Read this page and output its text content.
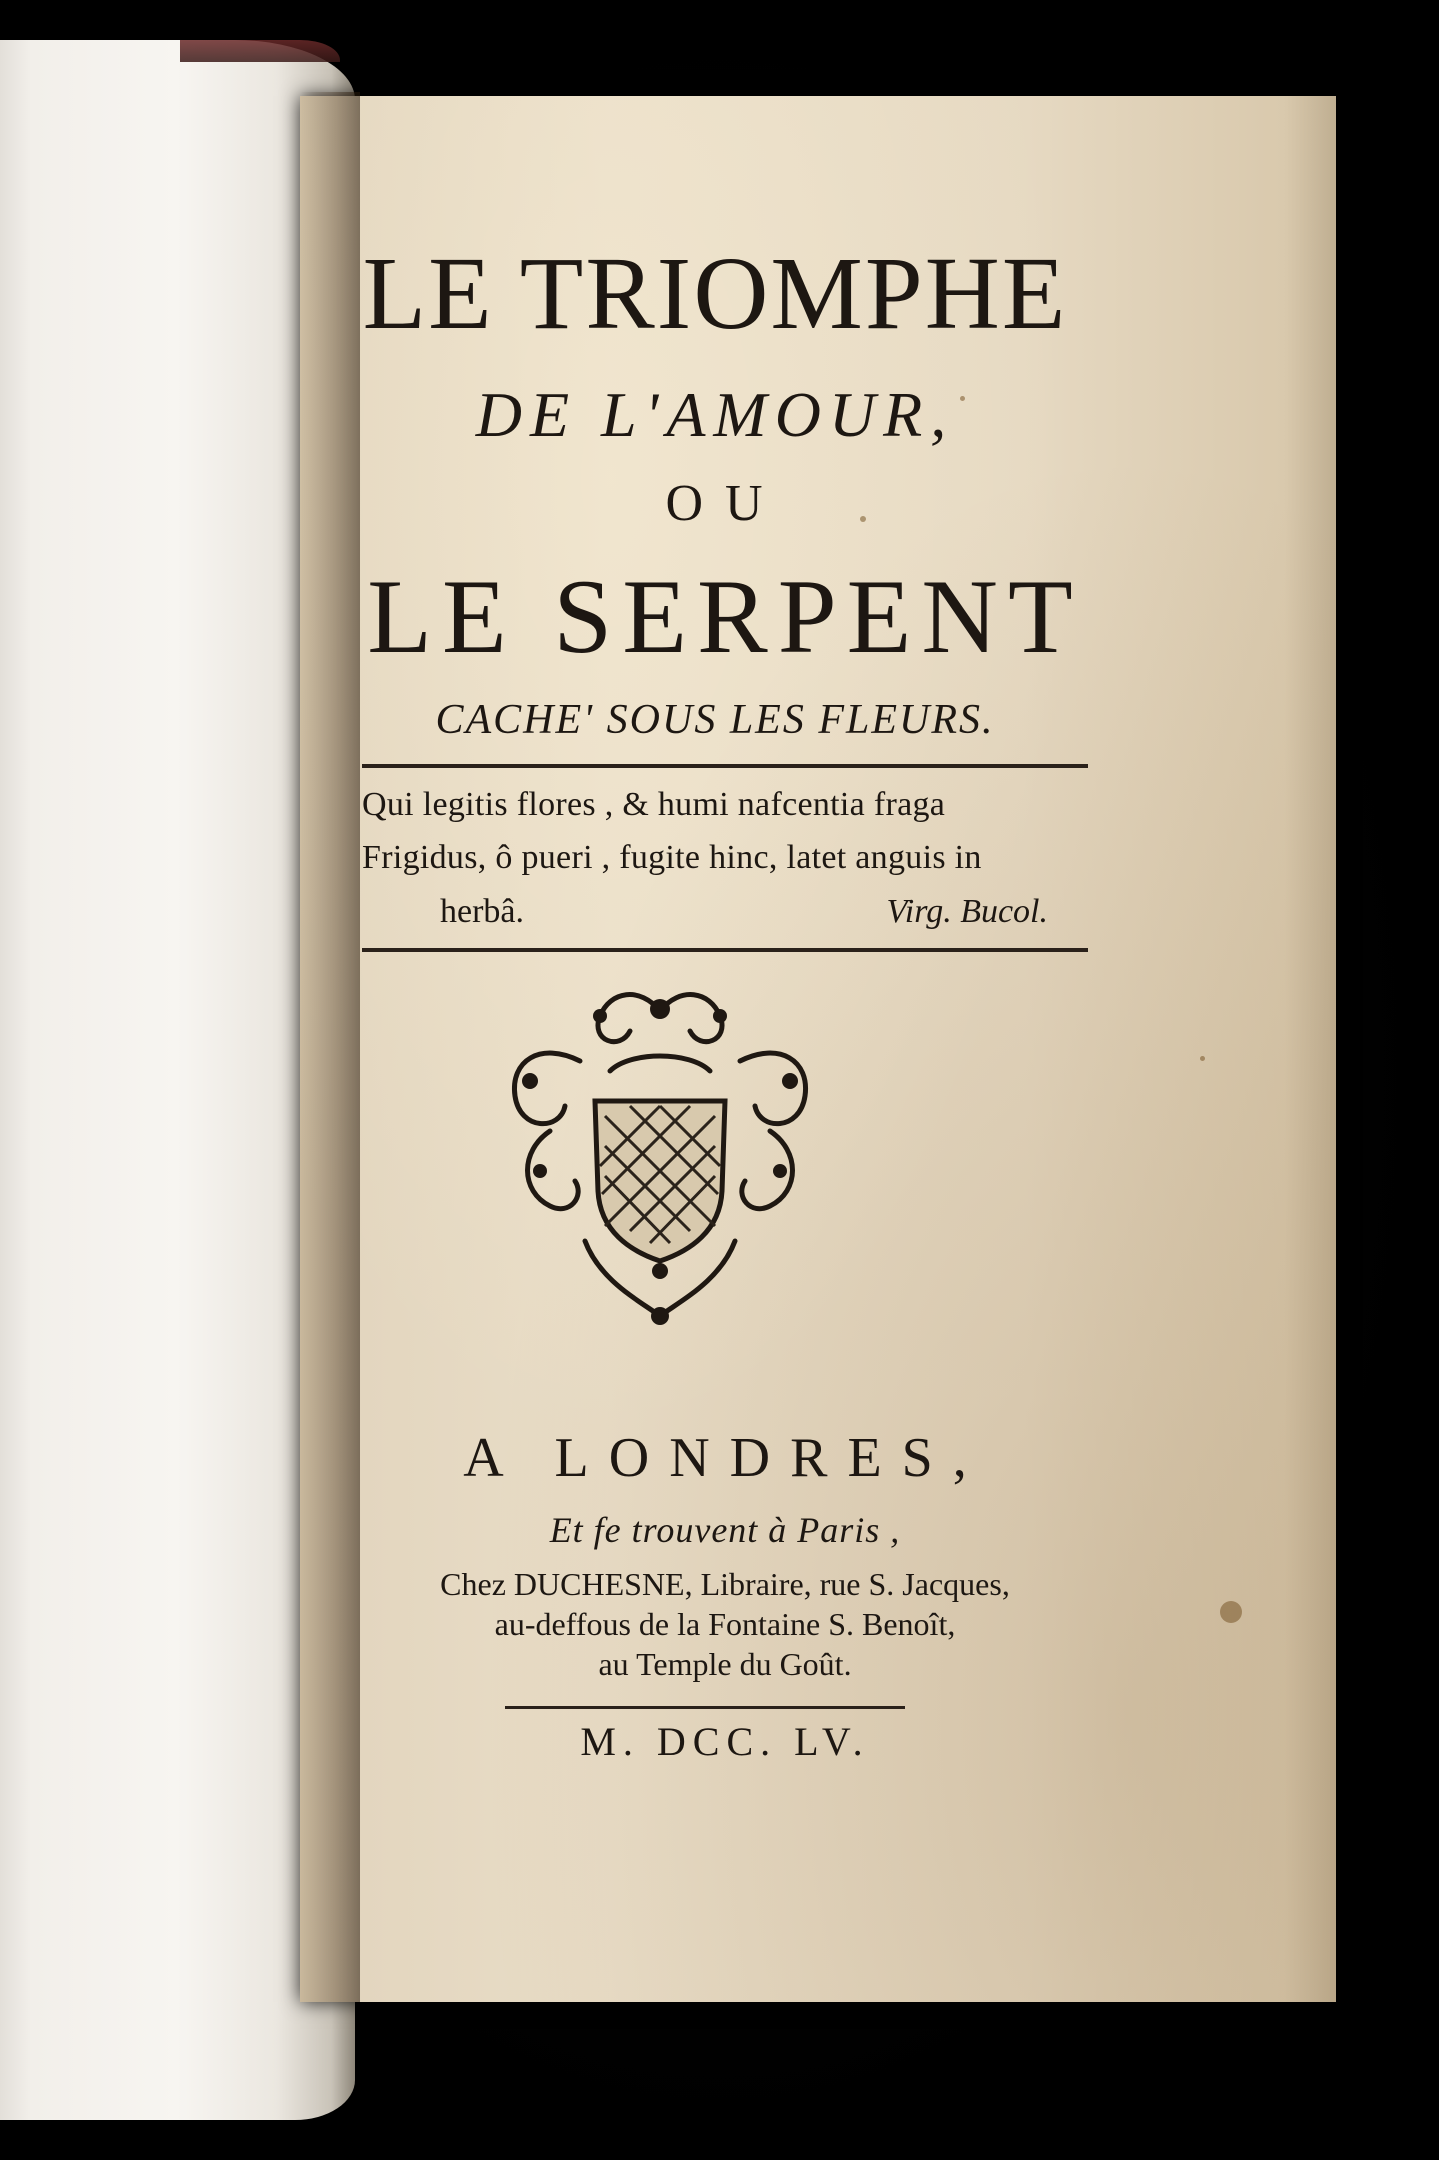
LE TRIOMPHE
DE L'AMOUR,
OU
LE SERPENT
CACHE' SOUS LES FLEURS.
Qui legitis flores , & humi nafcentia fraga
Frigidus, ô pueri , fugite hinc, latet anguis in
herbâ.	Virg. Bucol.
A LONDRES,
Et fe trouvent à Paris ,
Chez DUCHESNE, Libraire, rue S. Jacques,
au-deffous de la Fontaine S. Benoît,
au Temple du Goût.
M. DCC. LV.
